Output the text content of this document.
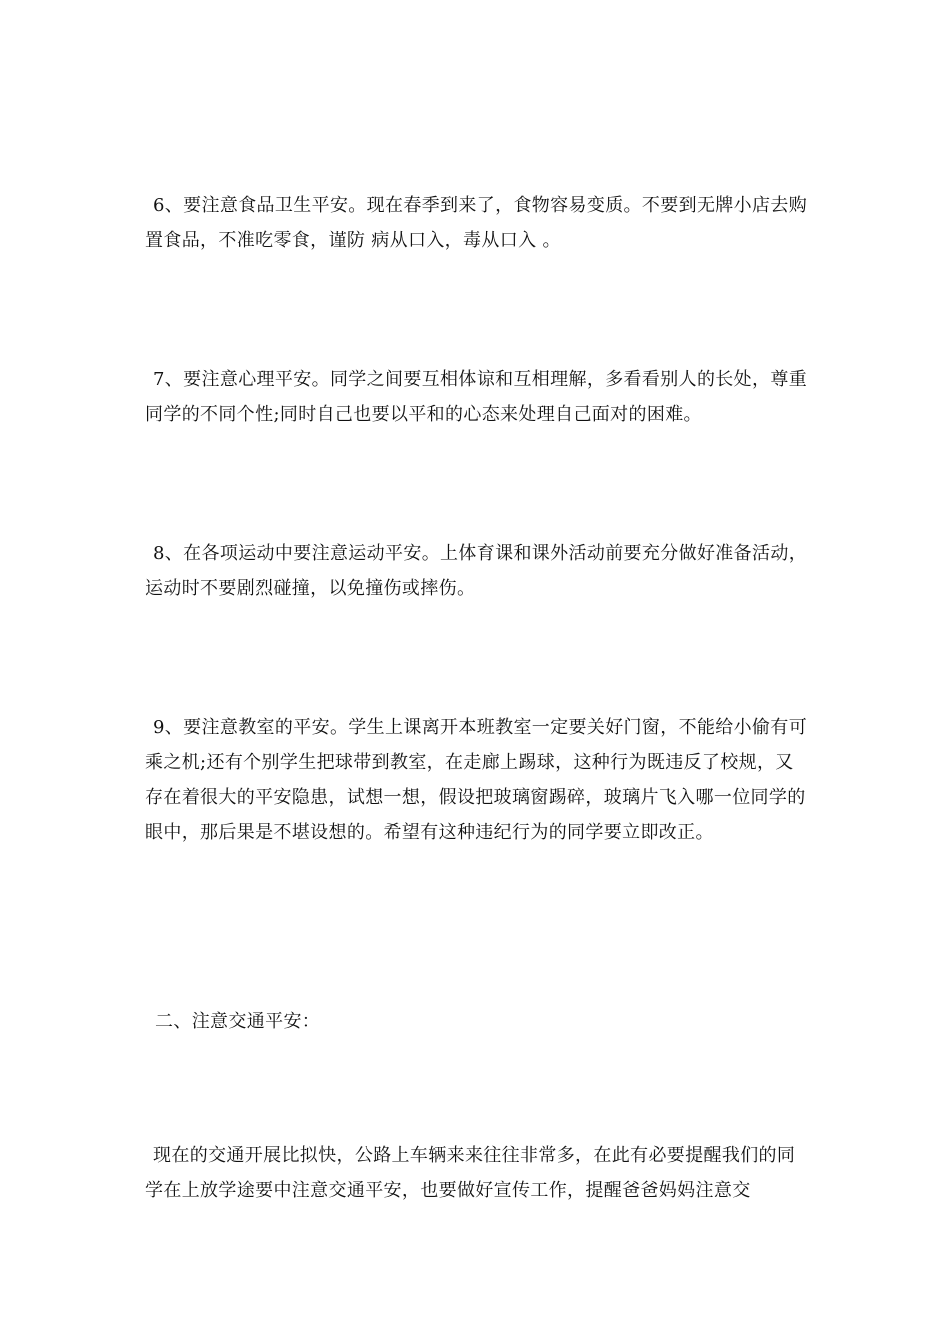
6、要注意食品卫生平安。现在春季到来了，食物容易变质。不要到无牌小店去购置食品，不准吃零食，谨防 病从口入，毒从口入 。

7、要注意心理平安。同学之间要互相体谅和互相理解，多看看别人的长处，尊重同学的不同个性;同时自己也要以平和的心态来处理自己面对的困难。

8、在各项运动中要注意运动平安。上体育课和课外活动前要充分做好准备活动，运动时不要剧烈碰撞，以免撞伤或摔伤。

9、要注意教室的平安。学生上课离开本班教室一定要关好门窗，不能给小偷有可乘之机;还有个别学生把球带到教室，在走廊上踢球，这种行为既违反了校规，又存在着很大的平安隐患，试想一想，假设把玻璃窗踢碎，玻璃片飞入哪一位同学的眼中，那后果是不堪设想的。希望有这种违纪行为的同学要立即改正。

二、注意交通平安：

现在的交通开展比拟快，公路上车辆来来往往非常多，在此有必要提醒我们的同学在上放学途要中注意交通平安，也要做好宣传工作，提醒爸爸妈妈注意交
